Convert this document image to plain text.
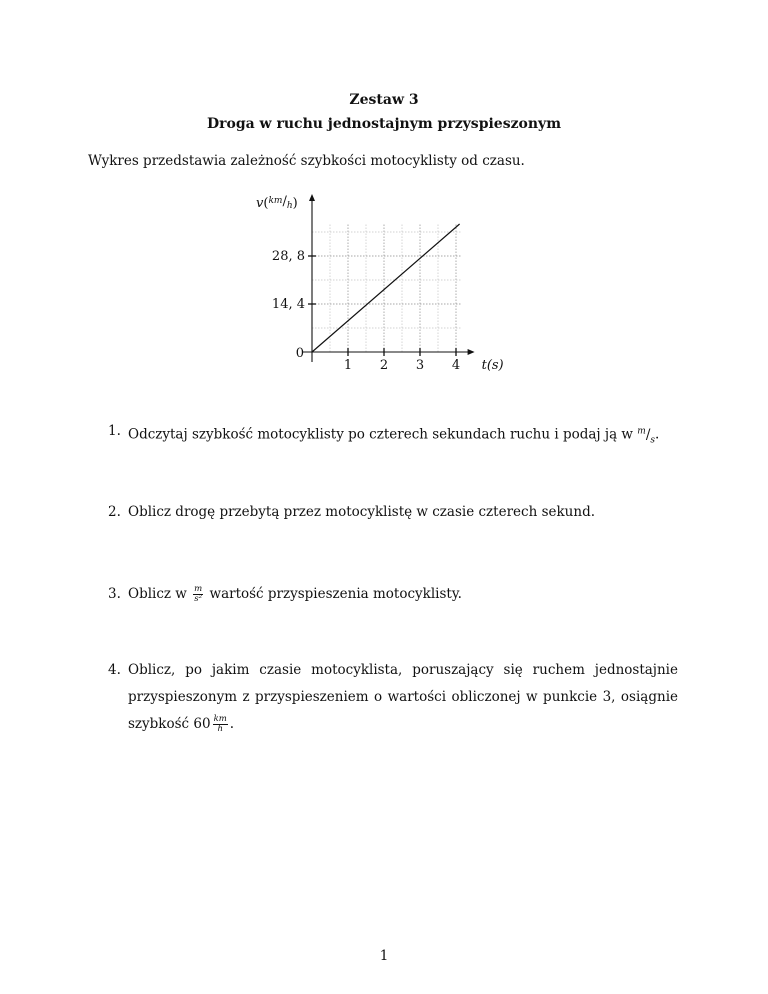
Zestaw 3
Droga w ruchu jednostajnym przyspieszonym
Wykres przedstawia zależność szybkości motocyklisty od czasu.
1 2 3 4
14, 4
28, 8
0
t(s)
$v(^{km}/_h)$
1. Odczytaj szybkość motocyklisty po czterech sekundach ruchu i podaj ją w $^m/_s$.
2. Oblicz drogę przebytą przez motocyklistę w czasie czterech sekund.
3. Oblicz w $\frac{m}{\text{s²}}$ wartość przyspieszenia motocyklisty.
4. Oblicz, po jakim czasie motocyklista, poruszający się ruchem jednostajnie przyspieszonym z przyspieszeniem o wartości obliczonej w punkcie 3, osiągnie szybkość $60 \frac{km}{h}$ .
1
